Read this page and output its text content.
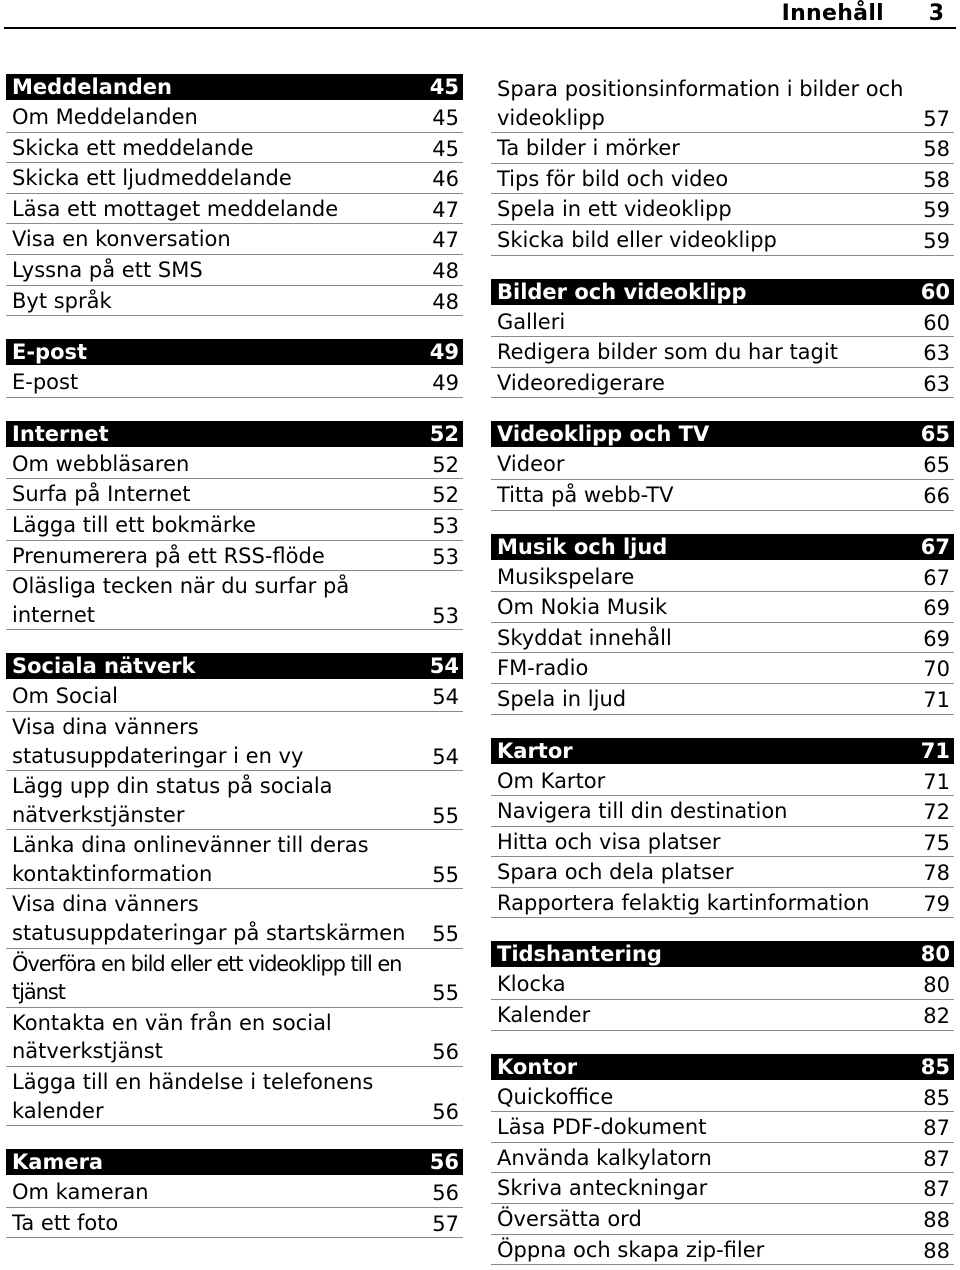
Innehåll 3
Meddelanden	45
Om Meddelanden	45
Skicka ett meddelande	45
Skicka ett ljudmeddelande	46
Läsa ett mottaget meddelande	47
Visa en konversation	47
Lyssna på ett SMS	48
Byt språk	48
E-post	49
E-post	49
Internet	52
Om webbläsaren	52
Surfa på Internet	52
Lägga till ett bokmärke	53
Prenumerera på ett RSS-flöde	53
Oläsliga tecken när du surfar på internet	53
Sociala nätverk	54
Om Social	54
Visa dina vänners statusuppdateringar i en vy	54
Lägg upp din status på sociala nätverkstjänster	55
Länka dina onlinevänner till deras kontaktinformation	55
Visa dina vänners statusuppdateringar på startskärmen	55
Överföra en bild eller ett videoklipp till en tjänst	55
Kontakta en vän från en social nätverkstjänst	56
Lägga till en händelse i telefonens kalender	56
Kamera	56
Om kameran	56
Ta ett foto	57
Spara positionsinformation i bilder och videoklipp	57
Ta bilder i mörker	58
Tips för bild och video	58
Spela in ett videoklipp	59
Skicka bild eller videoklipp	59
Bilder och videoklipp	60
Galleri	60
Redigera bilder som du har tagit	63
Videoredigerare	63
Videoklipp och TV	65
Videor	65
Titta på webb-TV	66
Musik och ljud	67
Musikspelare	67
Om Nokia Musik	69
Skyddat innehåll	69
FM-radio	70
Spela in ljud	71
Kartor	71
Om Kartor	71
Navigera till din destination	72
Hitta och visa platser	75
Spara och dela platser	78
Rapportera felaktig kartinformation	79
Tidshantering	80
Klocka	80
Kalender	82
Kontor	85
Quickoffice	85
Läsa PDF-dokument	87
Använda kalkylatorn	87
Skriva anteckningar	87
Översätta ord	88
Öppna och skapa zip-filer	88
